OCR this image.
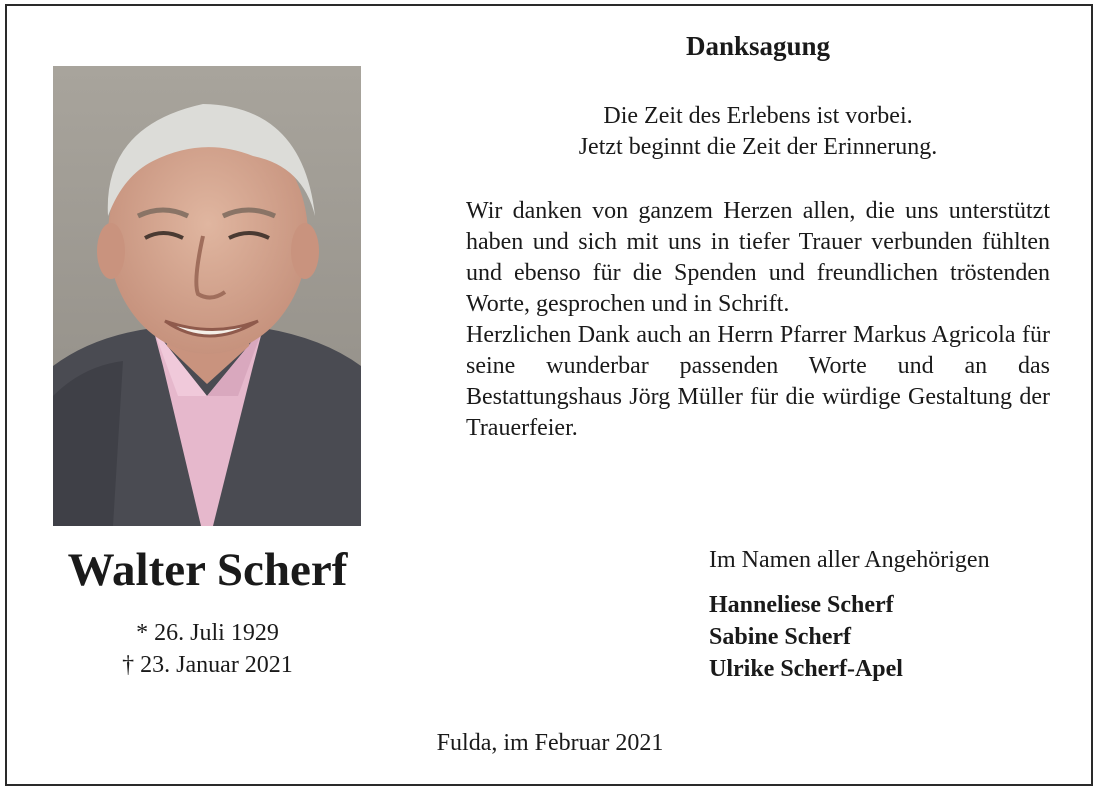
Danksagung
Die Zeit des Erlebens ist vorbei.
Jetzt beginnt die Zeit der Erinnerung.

Wir danken von ganzem Herzen allen, die uns unterstützt haben und sich mit uns in tiefer Trauer verbunden fühlten und ebenso für die Spenden und freundlichen tröstenden Worte, gesprochen und in Schrift.

Herzlichen Dank auch an Herrn Pfarrer Markus Agricola für seine wunderbar passenden Worte und an das Bestattungshaus Jörg Müller für die würdige Gestaltung der Trauerfeier.

Walter Scherf
* 26. Juli 1929
† 23. Januar 2021
Im Namen aller Angehörigen
Hanneliese Scherf
Sabine Scherf
Ulrike Scherf-Apel
Fulda, im Februar 2021
